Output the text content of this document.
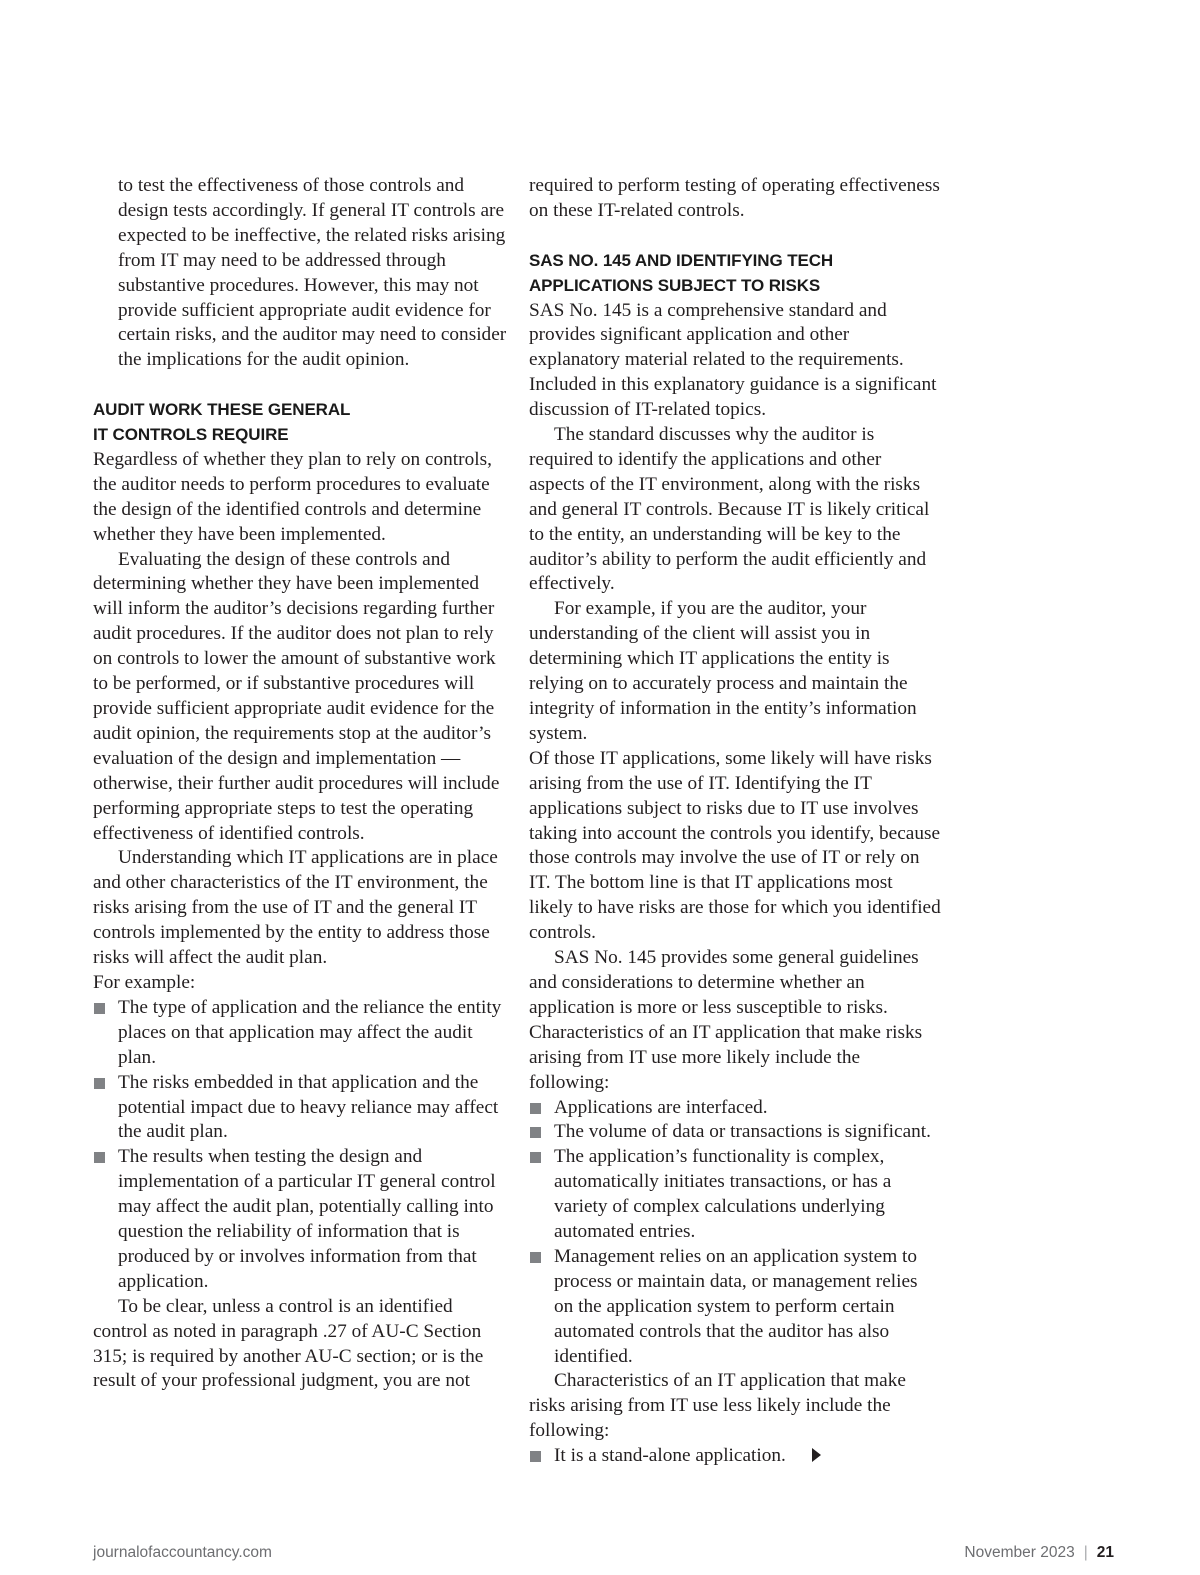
to test the effectiveness of those controls and design tests accordingly. If general IT controls are expected to be ineffective, the related risks arising from IT may need to be addressed through substantive procedures. However, this may not provide sufficient appropriate audit evidence for certain risks, and the auditor may need to consider the implications for the audit opinion.
AUDIT WORK THESE GENERAL
IT CONTROLS REQUIRE

Regardless of whether they plan to rely on controls, the auditor needs to perform procedures to evaluate the design of the identified controls and determine whether they have been implemented.

Evaluating the design of these controls and determining whether they have been implemented will inform the auditor’s decisions regarding further audit procedures. If the auditor does not plan to rely on controls to lower the amount of substantive work to be performed, or if substantive procedures will provide sufficient appropriate audit evidence for the audit opinion, the requirements stop at the auditor’s evaluation of the design and implementation — otherwise, their further audit procedures will include performing appropriate steps to test the operating effectiveness of identified controls.

Understanding which IT applications are in place and other characteristics of the IT environment, the risks arising from the use of IT and the general IT controls implemented by the entity to address those risks will affect the audit plan.

For example:

The type of application and the reliance the entity places on that application may affect the audit plan.
The risks embedded in that application and the potential impact due to heavy reliance may affect the audit plan.
The results when testing the design and implementation of a particular IT general control may affect the audit plan, potentially calling into question the reliability of information that is produced by or involves information from that application.

To be clear, unless a control is an identified control as noted in paragraph .27 of AU-C Section 315; is required by another AU-C section; or is the result of your professional judgment, you are not

required to perform testing of operating effectiveness on these IT-related controls.

SAS NO. 145 AND IDENTIFYING TECH
APPLICATIONS SUBJECT TO RISKS

SAS No. 145 is a comprehensive standard and provides significant application and other explanatory material related to the requirements. Included in this explanatory guidance is a significant discussion of IT-related topics.

The standard discusses why the auditor is required to identify the applications and other aspects of the IT environment, along with the risks and general IT controls. Because IT is likely critical to the entity, an understanding will be key to the auditor’s ability to perform the audit efficiently and effectively.

For example, if you are the auditor, your understanding of the client will assist you in determining which IT applications the entity is relying on to accurately process and maintain the integrity of information in the entity’s information system.

Of those IT applications, some likely will have risks arising from the use of IT. Identifying the IT applications subject to risks due to IT use involves taking into account the controls you identify, because those controls may involve the use of IT or rely on IT. The bottom line is that IT applications most likely to have risks are those for which you identified controls.

SAS No. 145 provides some general guidelines and considerations to determine whether an application is more or less susceptible to risks. Characteristics of an IT application that make risks arising from IT use more likely include the following:

Applications are interfaced.
The volume of data or transactions is significant.
The application’s functionality is complex, automatically initiates transactions, or has a variety of complex calculations underlying automated entries.
Management relies on an application system to process or maintain data, or management relies on the application system to perform certain automated controls that the auditor has also identified.

Characteristics of an IT application that make risks arising from IT use less likely include the following:

It is a stand-alone application.
journalofaccountancy.com	November 2023 | 21
